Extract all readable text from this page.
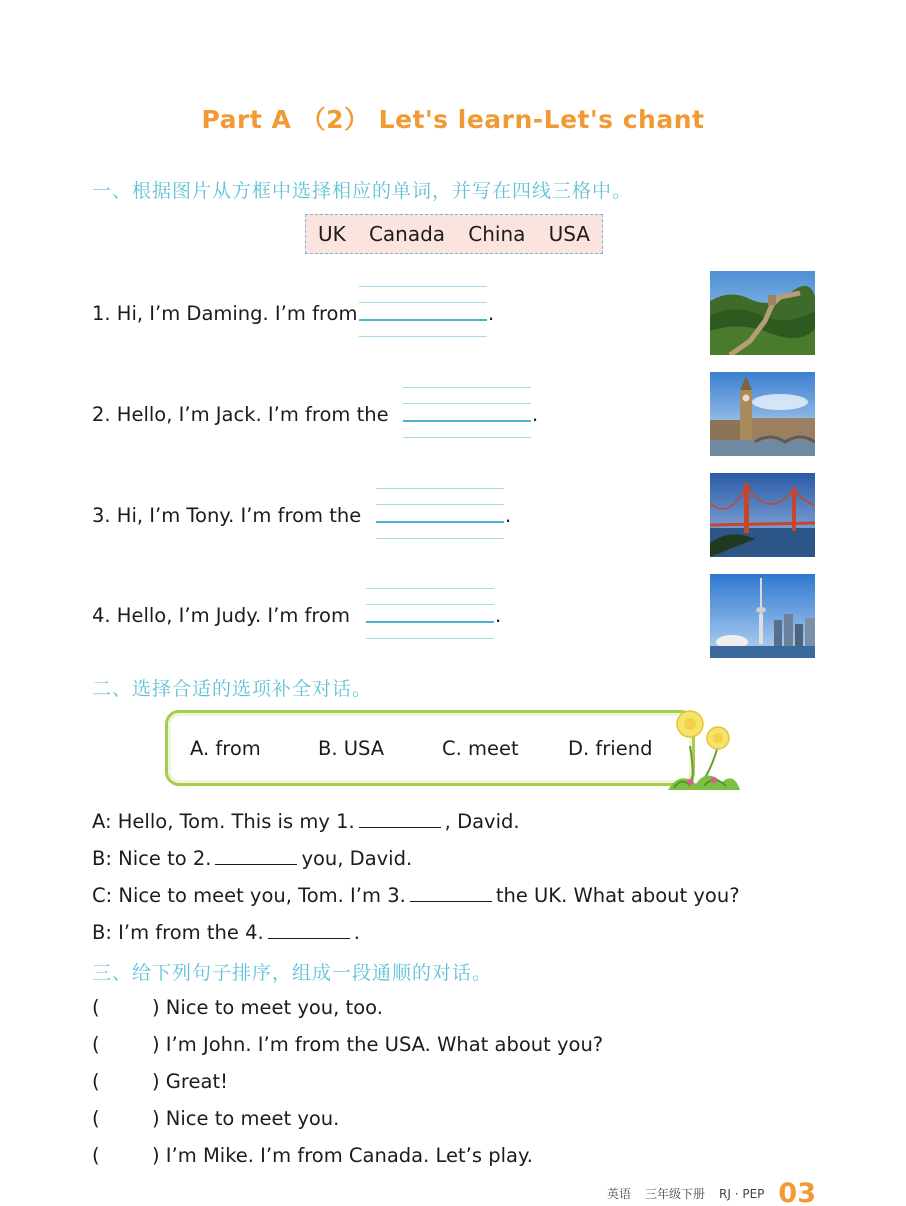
Part A （2） Let's learn-Let's chant
一、根据图片从方框中选择相应的单词，并写在四线三格中。
UK Canada China USA
1. Hi, I’m Daming. I’m from	.
2. Hello, I’m Jack. I’m from the	.
3. Hi, I’m Tony. I’m from the	.
4. Hello, I’m Judy. I’m from	.
二、选择合适的选项补全对话。
A. from	B. USA	C. meet	D. friend
A: Hello, Tom. This is my 1.	, David.
B: Nice to 2.	you, David.
C: Nice to meet you, Tom. I’m 3.	the UK. What about you?
B: I’m from the 4.	.
三、给下列句子排序，组成一段通顺的对话。
(	) Nice to meet you, too.
(	) I’m John. I’m from the USA. What about you?
(	) Great!
(	) Nice to meet you.
(	) I’m Mike. I’m from Canada. Let’s play.
英语 三年级下册 RJ · PEP 03
